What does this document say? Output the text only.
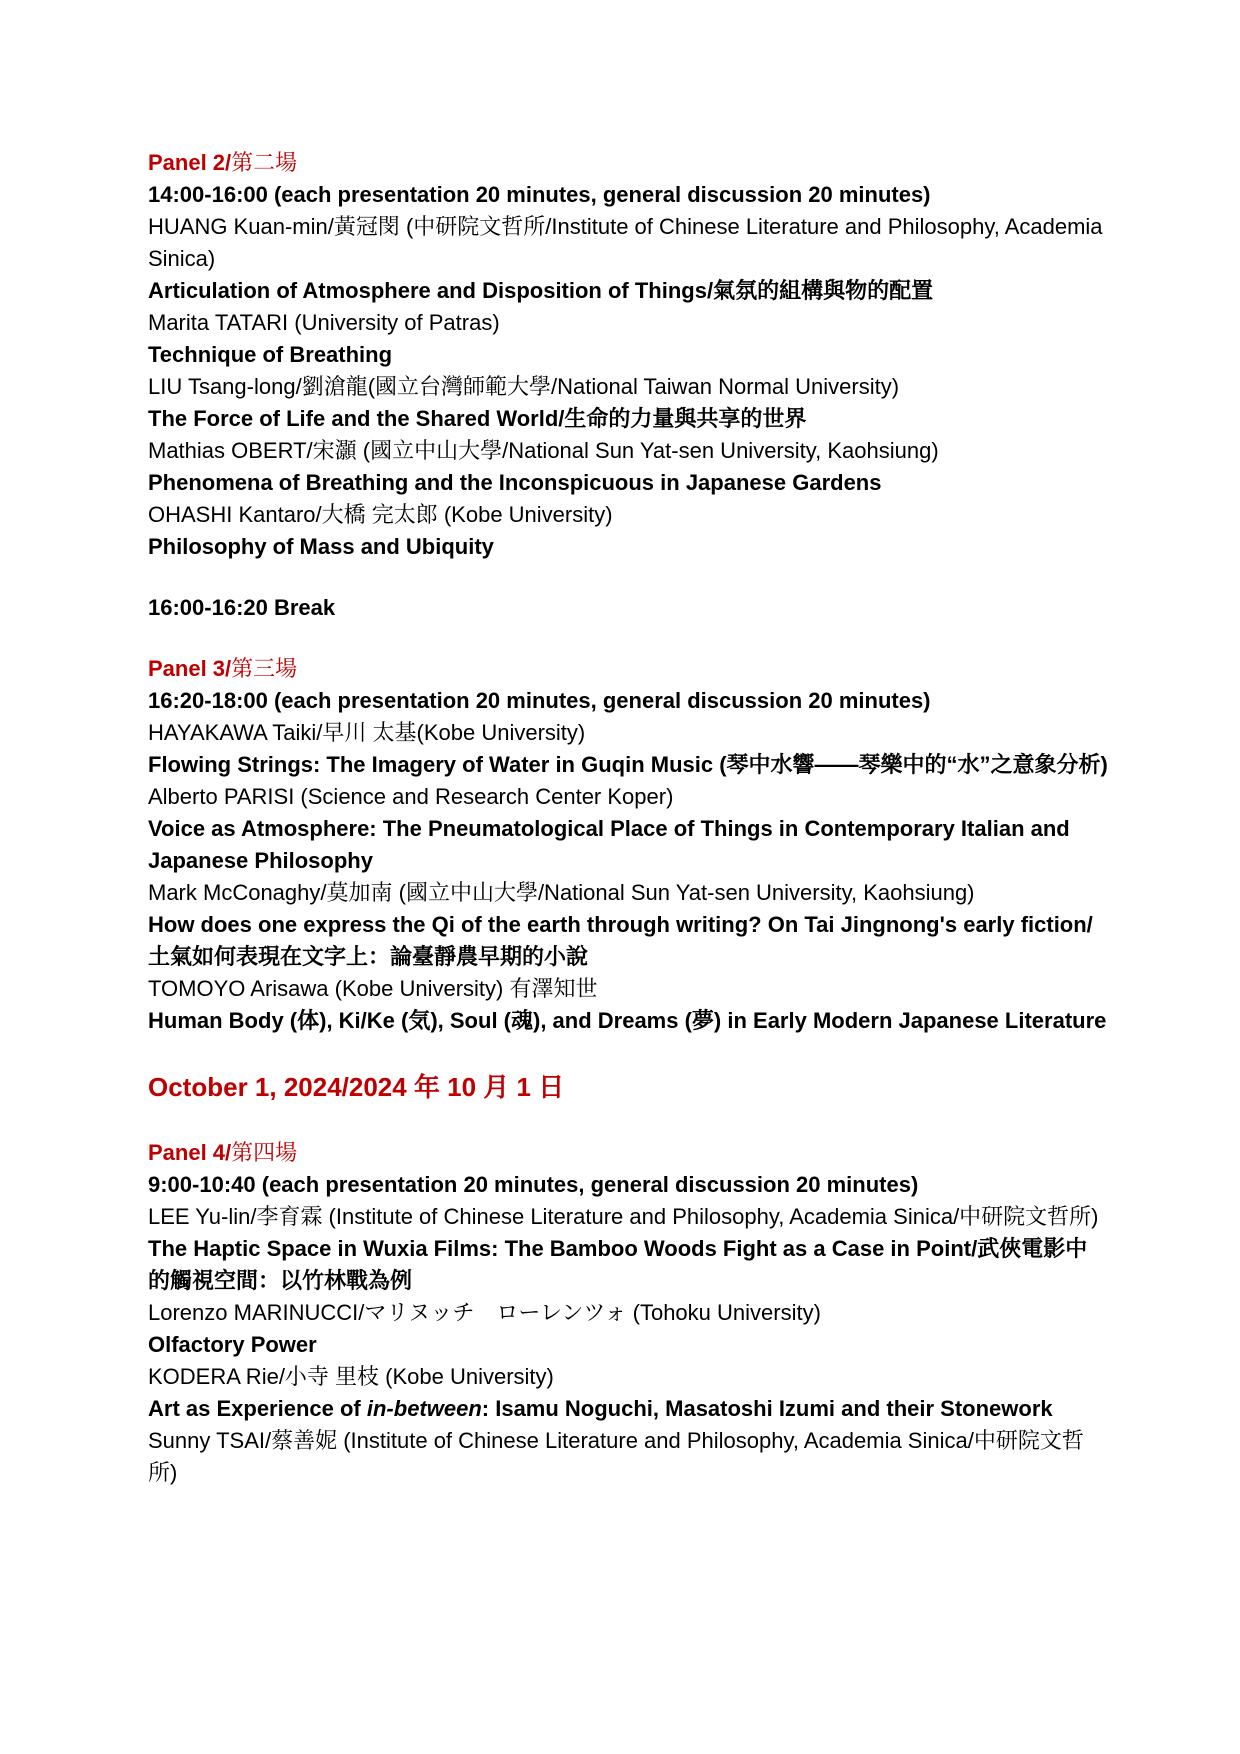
Panel 2/第二場
14:00-16:00 (each presentation 20 minutes, general discussion 20 minutes)
HUANG Kuan-min/黃冠閔 (中研院文哲所/Institute of Chinese Literature and Philosophy, Academia Sinica)
Articulation of Atmosphere and Disposition of Things/氣氛的組構與物的配置
Marita TATARI (University of Patras)
Technique of Breathing
LIU Tsang-long/劉滄龍(國立台灣師範大學/National Taiwan Normal University)
The Force of Life and the Shared World/生命的力量與共享的世界
Mathias OBERT/宋灝 (國立中山大學/National Sun Yat-sen University, Kaohsiung)
Phenomena of Breathing and the Inconspicuous in Japanese Gardens
OHASHI Kantaro/大橋 完太郎 (Kobe University)
Philosophy of Mass and Ubiquity
16:00-16:20 Break
Panel 3/第三場
16:20-18:00 (each presentation 20 minutes, general discussion 20 minutes)
HAYAKAWA Taiki/早川 太基(Kobe University)
Flowing Strings: The Imagery of Water in Guqin Music (琴中水響——琴樂中的“水”之意象分析)
Alberto PARISI (Science and Research Center Koper)
Voice as Atmosphere: The Pneumatological Place of Things in Contemporary Italian and Japanese Philosophy
Mark McConaghy/莫加南 (國立中山大學/National Sun Yat-sen University, Kaohsiung)
How does one express the Qi of the earth through writing? On Tai Jingnong's early fiction/土氣如何表現在文字上：論臺靜農早期的小說
TOMOYO Arisawa (Kobe University) 有澤知世
Human Body (体), Ki/Ke (気), Soul (魂), and Dreams (夢) in Early Modern Japanese Literature
October 1, 2024/2024 年 10 月 1 日
Panel 4/第四場
9:00-10:40 (each presentation 20 minutes, general discussion 20 minutes)
LEE Yu-lin/李育霖 (Institute of Chinese Literature and Philosophy, Academia Sinica/中研院文哲所)
The Haptic Space in Wuxia Films: The Bamboo Woods Fight as a Case in Point/武俠電影中的觸視空間：以竹林戰為例
Lorenzo MARINUCCI/マリヌッチ　ローレンツォ (Tohoku University)
Olfactory Power
KODERA Rie/小寺 里枝 (Kobe University)
Art as Experience of in-between: Isamu Noguchi, Masatoshi Izumi and their Stonework
Sunny TSAI/蔡善妮 (Institute of Chinese Literature and Philosophy, Academia Sinica/中研院文哲所)
